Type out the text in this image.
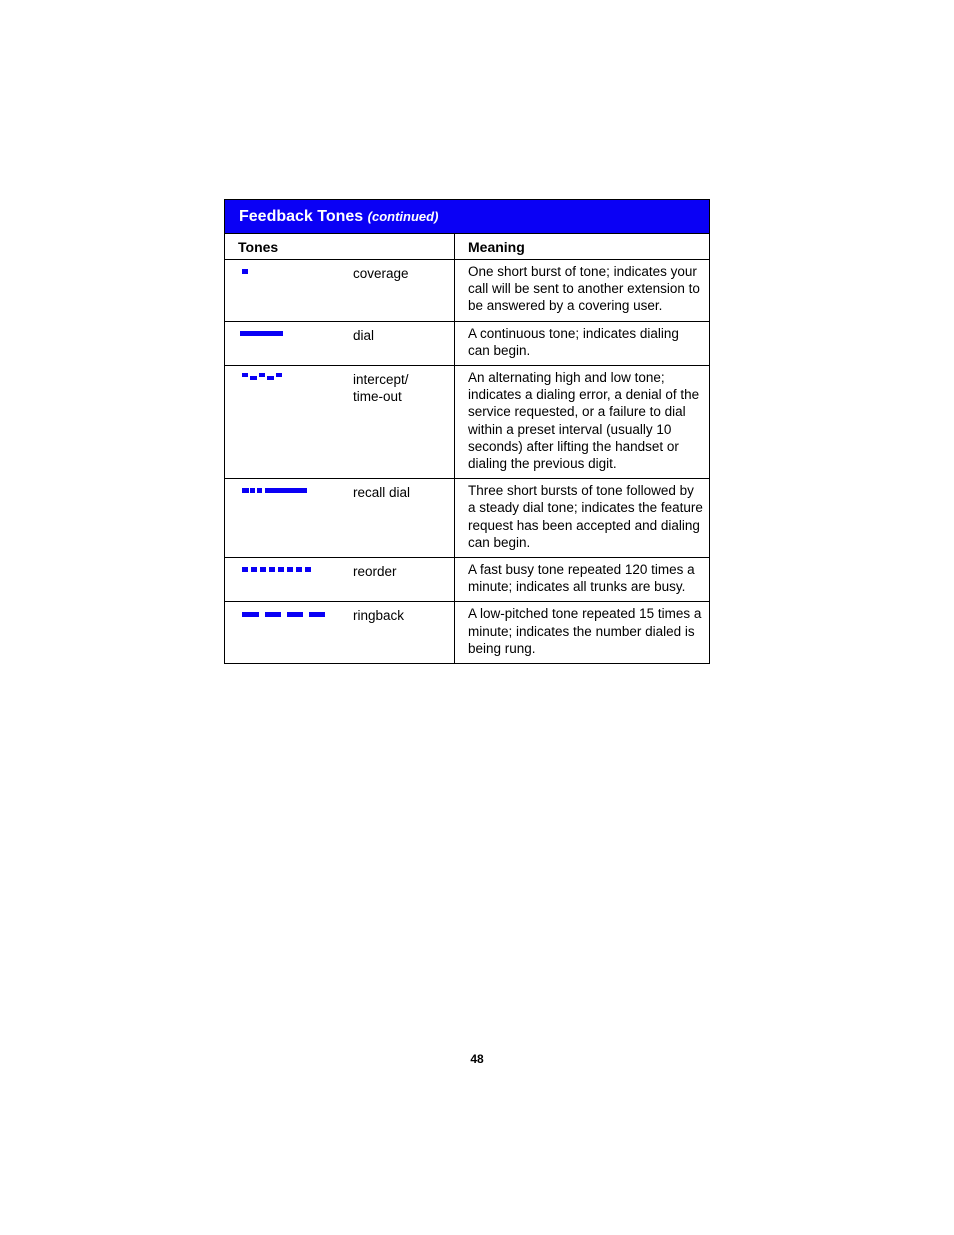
Feedback Tones (continued)	
Tones	Meaning

coverage	One short burst of tone; indicates your call will be sent to another extension to be answered by a covering user.

dial	A continuous tone; indicates dialing can begin.

intercept/
time-out	An alternating high and low tone; indicates a dialing error, a denial of the service requested, or a failure to dial within a preset interval (usually 10 seconds) after lifting the handset or dialing the previous digit.

recall dial	Three short bursts of tone followed by a steady dial tone; indicates the feature request has been accepted and dialing can begin.

reorder	A fast busy tone repeated 120 times a minute; indicates all trunks are busy.

ringback	A low-pitched tone repeated 15 times a minute; indicates the number dialed is being rung.
48
